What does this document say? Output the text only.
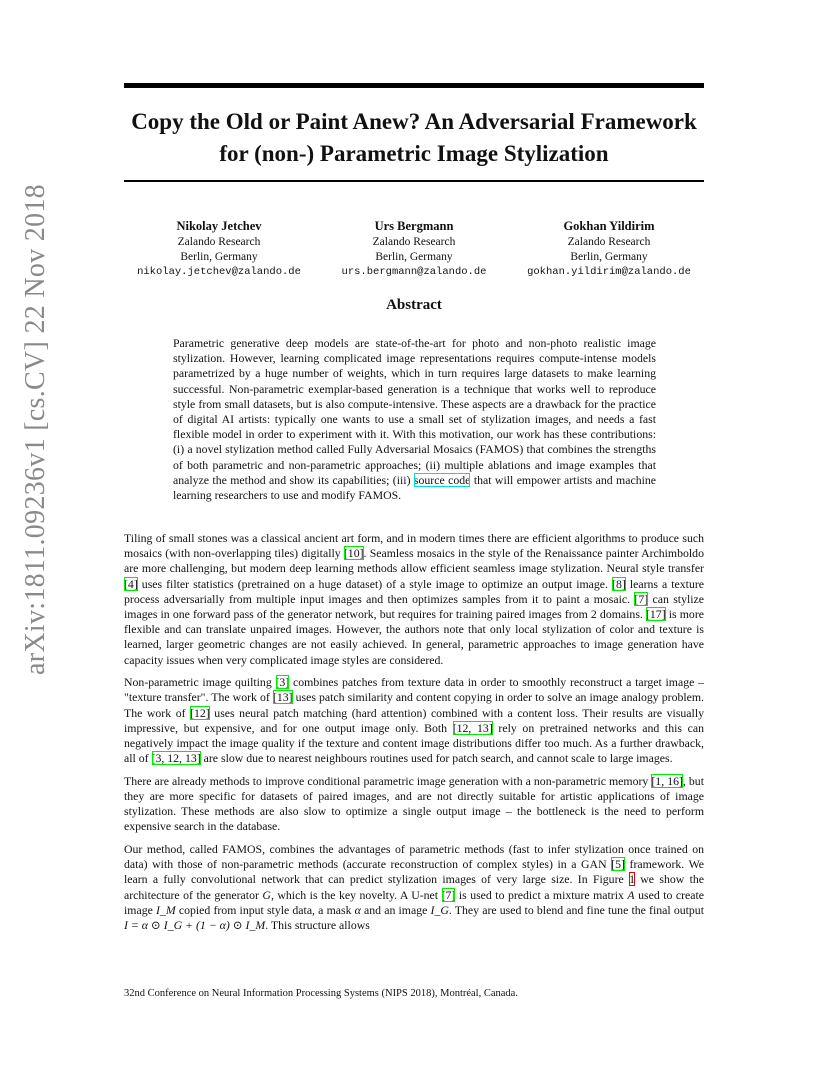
Copy the Old or Paint Anew? An Adversarial Framework for (non-) Parametric Image Stylization
Nikolay Jetchev
Zalando Research
Berlin, Germany
nikolay.jetchev@zalando.de
Urs Bergmann
Zalando Research
Berlin, Germany
urs.bergmann@zalando.de
Gokhan Yildirim
Zalando Research
Berlin, Germany
gokhan.yildirim@zalando.de
arXiv:1811.09236v1 [cs.CV] 22 Nov 2018	Abstract
Parametric generative deep models are state-of-the-art for photo and non-photo realistic image stylization. However, learning complicated image representations requires compute-intense models parametrized by a huge number of weights, which in turn requires large datasets to make learning successful. Non-parametric exemplar-based generation is a technique that works well to reproduce style from small datasets, but is also compute-intensive. These aspects are a drawback for the practice of digital AI artists: typically one wants to use a small set of stylization images, and needs a fast flexible model in order to experiment with it. With this motivation, our work has these contributions: (i) a novel stylization method called Fully Adversarial Mosaics (FAMOS) that combines the strengths of both parametric and non-parametric approaches; (ii) multiple ablations and image examples that analyze the method and show its capabilities; (iii) source code that will empower artists and machine learning researchers to use and modify FAMOS.

Tiling of small stones was a classical ancient art form, and in modern times there are efficient algorithms to produce such mosaics (with non-overlapping tiles) digitally [10]. Seamless mosaics in the style of the Renaissance painter Archimboldo are more challenging, but modern deep learning methods allow efficient seamless image stylization. Neural style transfer [4] uses filter statistics (pretrained on a huge dataset) of a style image to optimize an output image. [8] learns a texture process adversarially from multiple input images and then optimizes samples from it to paint a mosaic. [7] can stylize images in one forward pass of the generator network, but requires for training paired images from 2 domains. [17] is more flexible and can translate unpaired images. However, the authors note that only local stylization of color and texture is learned, larger geometric changes are not easily achieved. In general, parametric approaches to image generation have capacity issues when very complicated image styles are considered.

Non-parametric image quilting [3] combines patches from texture data in order to smoothly reconstruct a target image – "texture transfer". The work of [13] uses patch similarity and content copying in order to solve an image analogy problem. The work of [12] uses neural patch matching (hard attention) combined with a content loss. Their results are visually impressive, but expensive, and for one output image only. Both [12, 13] rely on pretrained networks and this can negatively impact the image quality if the texture and content image distributions differ too much. As a further drawback, all of [3, 12, 13] are slow due to nearest neighbours routines used for patch search, and cannot scale to large images.

There are already methods to improve conditional parametric image generation with a non-parametric memory [1, 16], but they are more specific for datasets of paired images, and are not directly suitable for artistic applications of image stylization. These methods are also slow to optimize a single output image – the bottleneck is the need to perform expensive search in the database.

Our method, called FAMOS, combines the advantages of parametric methods (fast to infer stylization once trained on data) with those of non-parametric methods (accurate reconstruction of complex styles) in a GAN [5] framework. We learn a fully convolutional network that can predict stylization images of very large size. In Figure 1 we show the architecture of the generator G, which is the key novelty. A U-net [7] is used to predict a mixture matrix A used to create image I_M copied from input style data, a mask α and an image I_G. They are used to blend and fine tune the final output I = α ⊙ I_G + (1 − α) ⊙ I_M. This structure allows

32nd Conference on Neural Information Processing Systems (NIPS 2018), Montréal, Canada.
